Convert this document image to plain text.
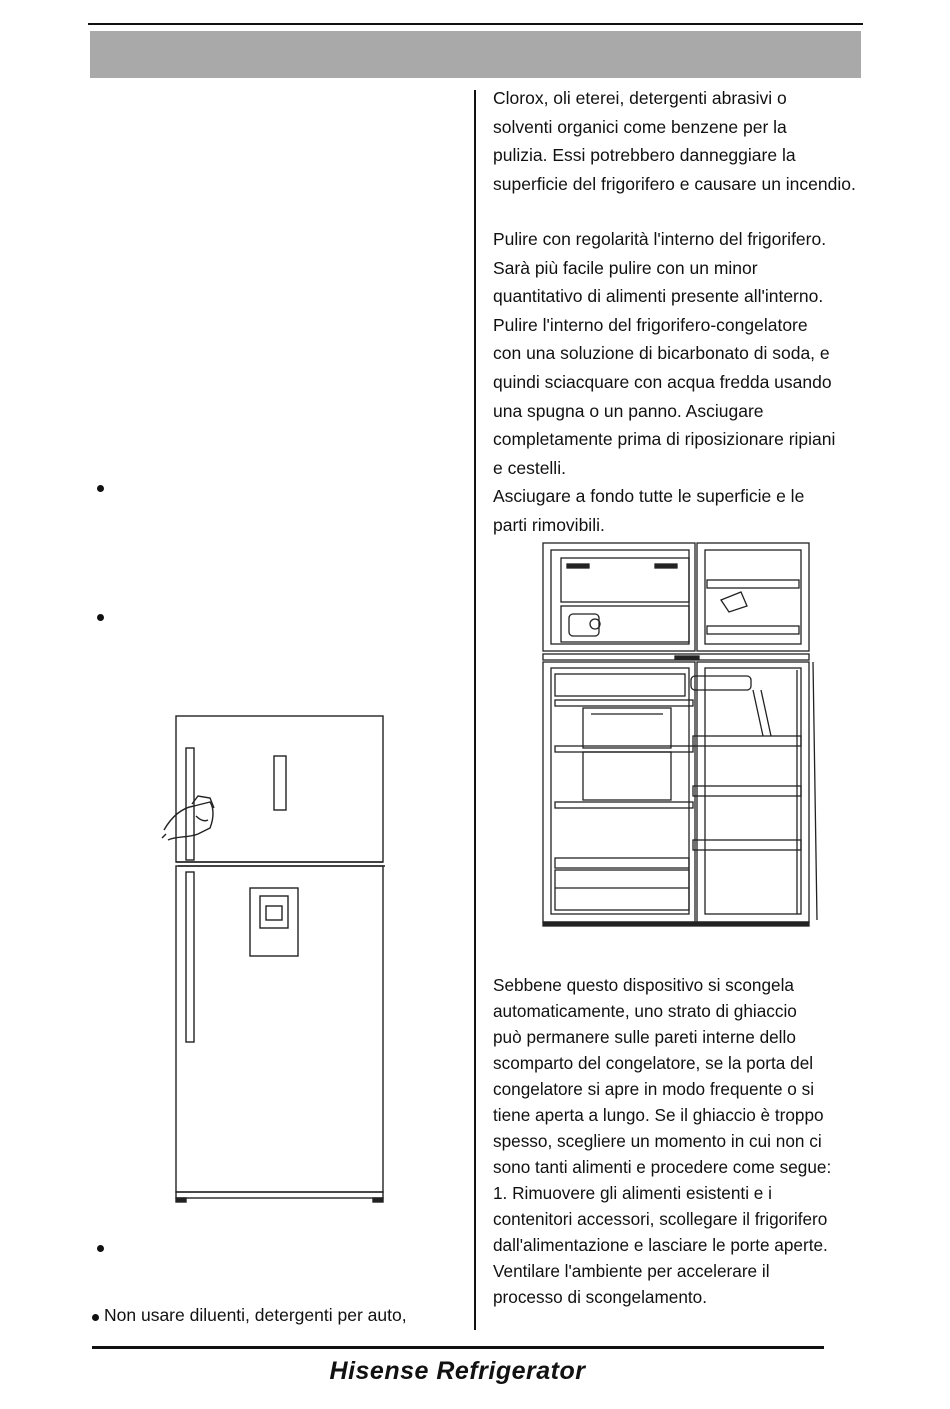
Clorox, oli eterei, detergenti abrasivi o

solventi organici come benzene per la

pulizia. Essi potrebbero danneggiare la

superficie del frigorifero e causare un incendio.

Pulire con regolarità l'interno del frigorifero.

Sarà più facile pulire con un minor

quantitativo di alimenti presente all'interno.

Pulire l'interno del frigorifero-congelatore

con una soluzione di bicarbonato di soda, e

quindi sciacquare con acqua fredda usando

una spugna o un panno. Asciugare

completamente prima di riposizionare ripiani

e cestelli.

Asciugare a fondo tutte le superficie e le

parti rimovibili.

Sebbene questo dispositivo si scongela

automaticamente, uno strato di ghiaccio

può permanere sulle pareti interne dello

scomparto del congelatore, se la porta del

congelatore si apre in modo frequente o si

tiene aperta a lungo. Se il ghiaccio è troppo

spesso, scegliere un momento in cui non ci

sono tanti alimenti e procedere come segue:

1. Rimuovere gli alimenti esistenti e i

contenitori accessori, scollegare il frigorifero

dall'alimentazione e lasciare le porte aperte.

Ventilare l'ambiente per accelerare il

processo di scongelamento.

Non usare diluenti, detergenti per auto,
Hisense Refrigerator
